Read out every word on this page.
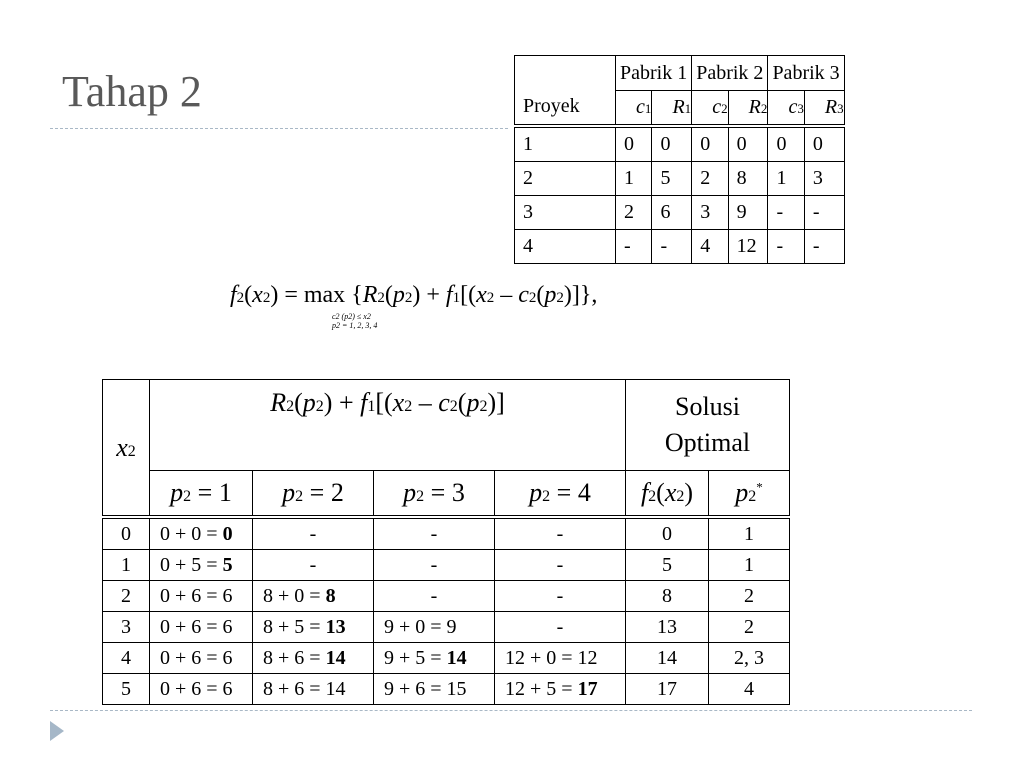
Tahap 2	Proyek	Pabrik 1		Pabrik 2		Pabrik 3	
	c1	R1	c2	R2	c3	R3
1	0	0	0	0	0	0
2	1	5	2	8	1	3
3	2	6	3	9	-	-
4	-	-	4	12	-	-
f2(x2) = max {R2(p2) + f1[(x2 – c2(p2)]},
c2 (p2) ≤ x2
p2 = 1, 2, 3, 4
x2	R2(p2) + f1[(x2 – c2(p2)]				Solusi
Optimal	

	p2 = 1	p2 = 2	p2 = 3	p2 = 4	f2(x2)	p2*
0	0 + 0 = 0	-	-	-	0	1
1	0 + 5 = 5	-	-	-	5	1
2	0 + 6 = 6	8 + 0 = 8	-	-	8	2
3	0 + 6 = 6	8 + 5 = 13	9 + 0 = 9	-	13	2
4	0 + 6 = 6	8 + 6 = 14	9 + 5 = 14	12 + 0 = 12	14	2, 3
5	0 + 6 = 6	8 + 6 = 14	9 + 6 = 15	12 + 5 = 17	17	4
